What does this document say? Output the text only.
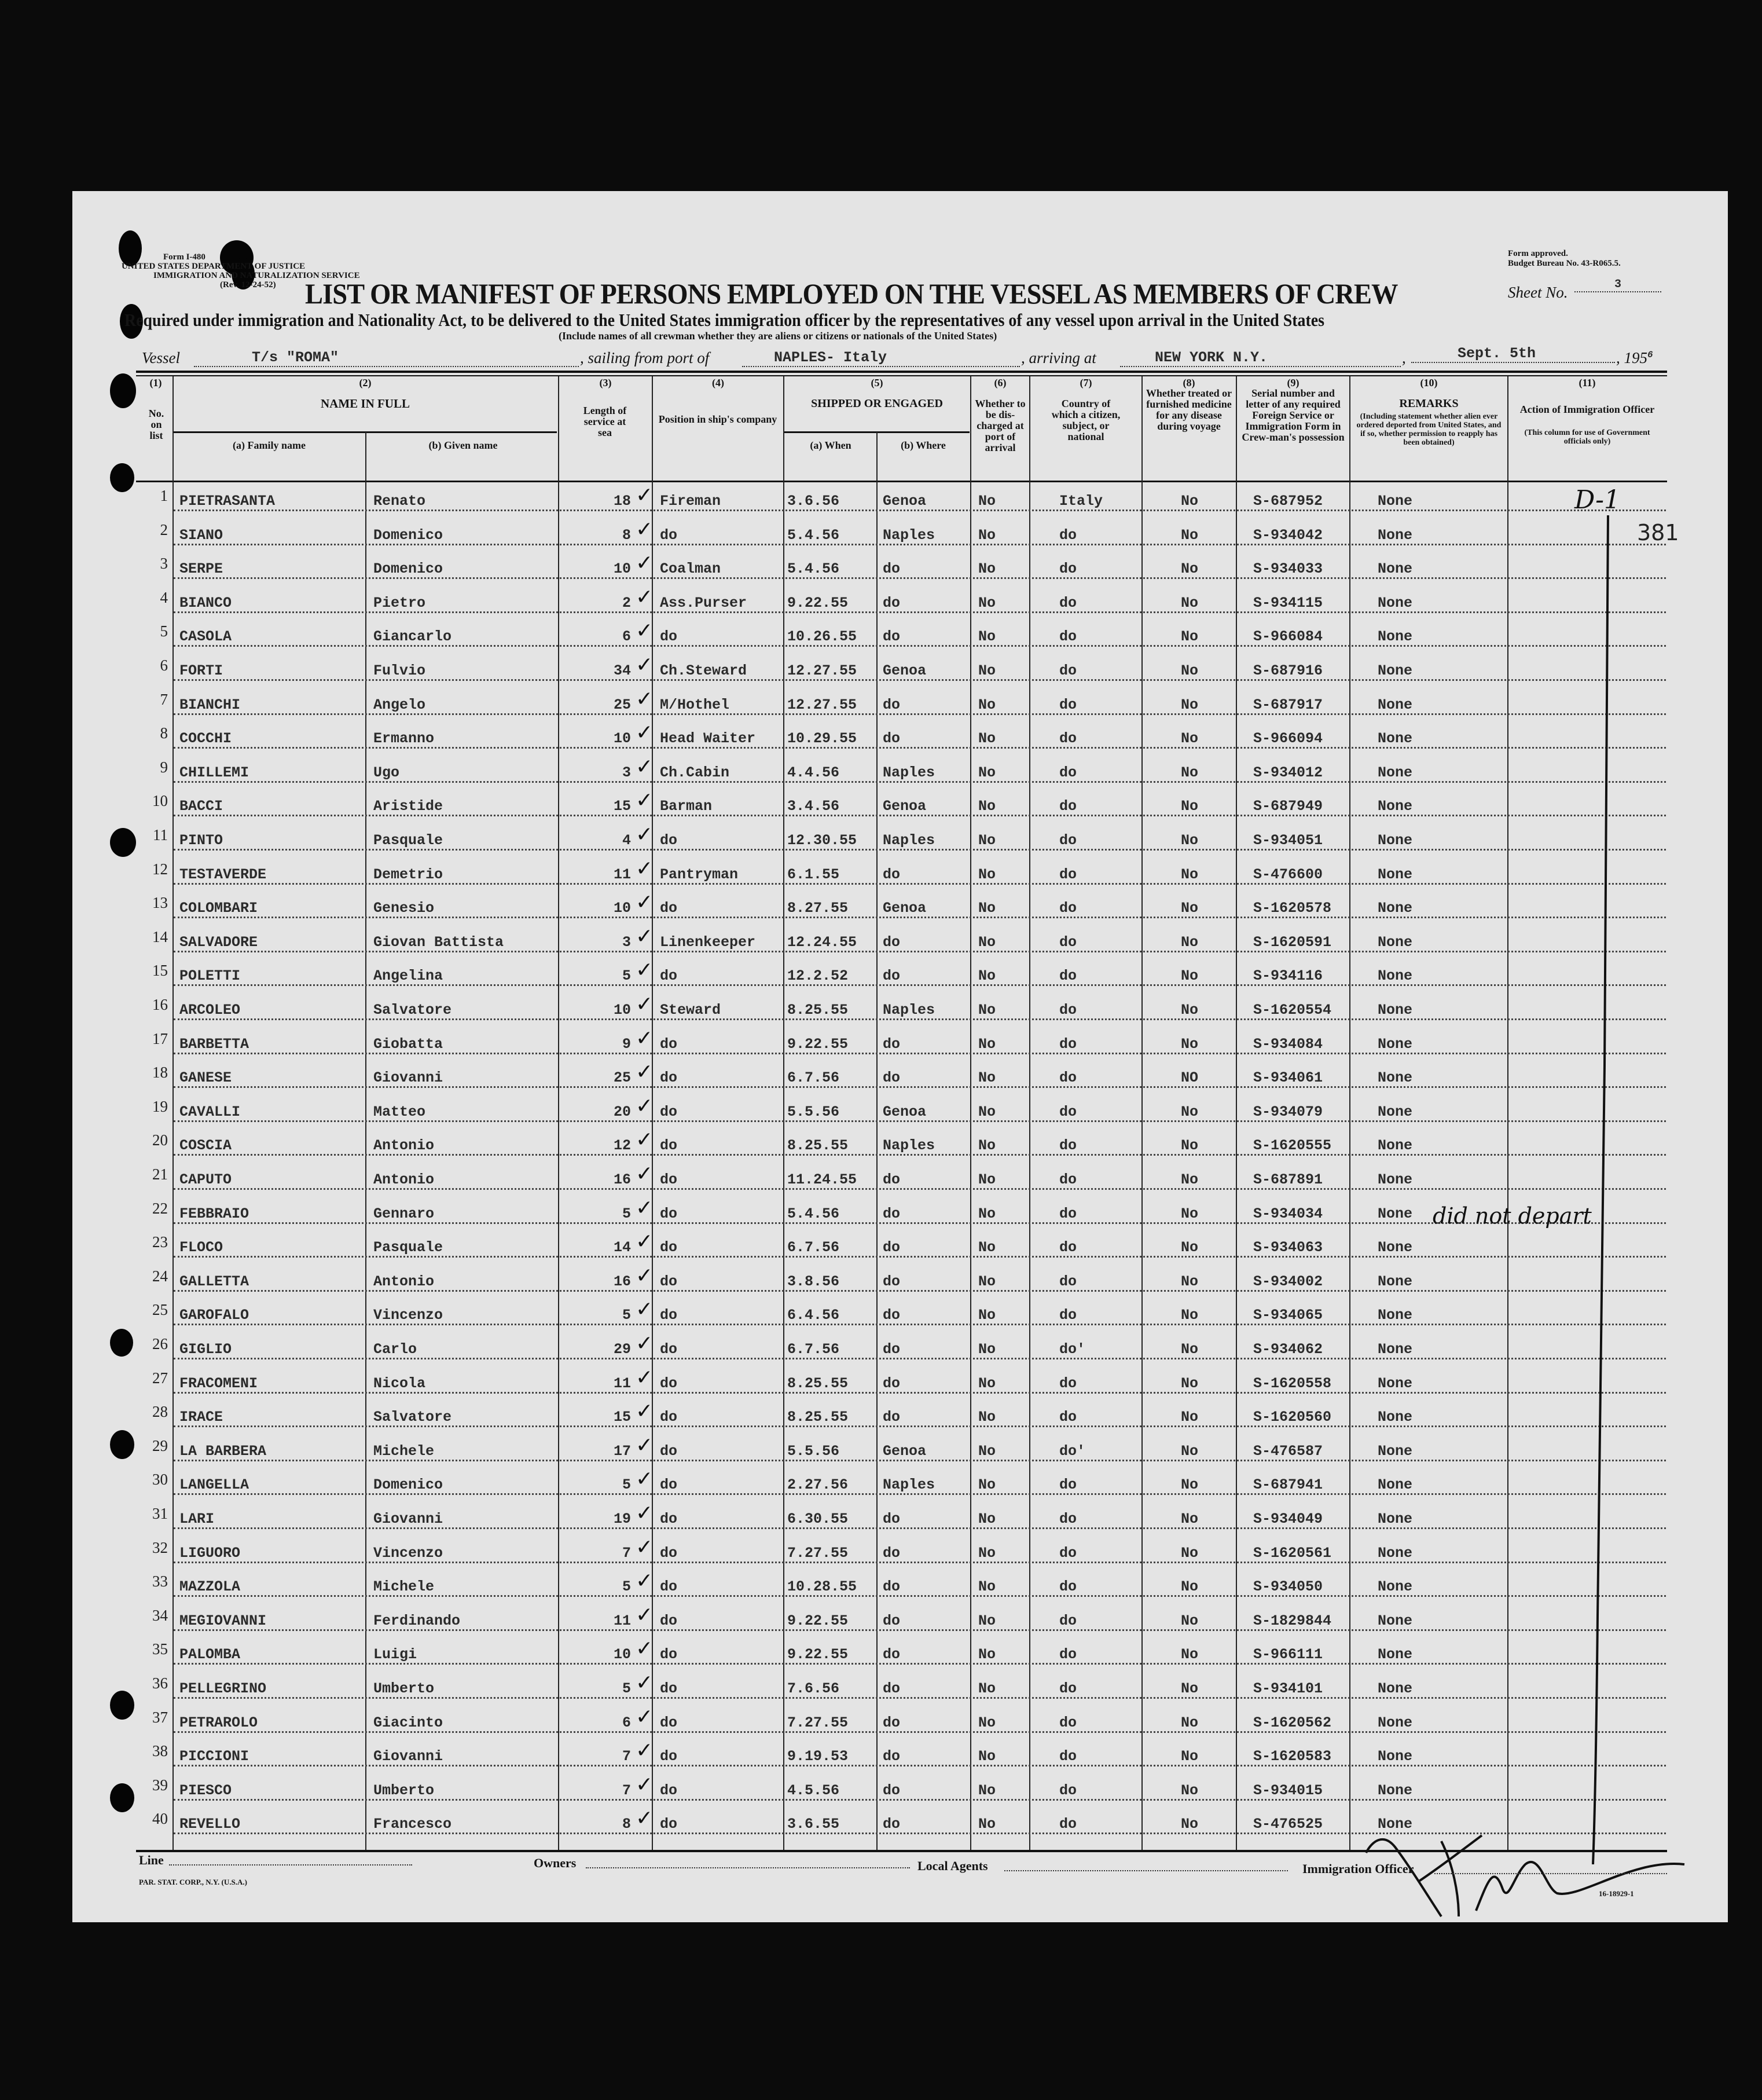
Form I-480
UNITED STATES DEPARTMENT OF JUSTICE
IMMIGRATION AND NATURALIZATION SERVICE
(Rev. 12-24-52)
Form approved.
Budget Bureau No. 43-R065.5.
LIST OR MANIFEST OF PERSONS EMPLOYED ON THE VESSEL AS MEMBERS OF CREW	Sheet No.	3
Required under immigration and Nationality Act, to be delivered to the United States immigration officer by the representatives of any vessel upon arrival in the United States
(Include names of all crewman whether they are aliens or citizens or nationals of the United States)
Vessel	T/s "ROMA"	, sailing from port of	NAPLES- Italy	, arriving at	NEW YORK N.Y.	,	Sept. 5th	, $195^6$
(1)
No. on list
(2)
NAME IN FULL
(a) Family name	(b) Given name
(3)
Length of service at sea
(4)
Position in ship's company
(5)
SHIPPED OR ENGAGED
(a) When	(b) Where
(6)
Whether to be dis-charged at port of arrival
(7)
Country of which a citizen, subject, or national
(8)
Whether treated or furnished medicine for any disease during voyage
(9)
Serial number and letter of any required Foreign Service or Immigration Form in Crew-man's possession
(10)
REMARKS
(Including statement whether alien ever ordered deported from United States, and if so, whether permission to reapply has been obtained)
(11)
Action of Immigration Officer
(This column for use of Government officials only)
1 PIETRASANTA	Renato	18 Fireman	3.6.56	Genoa	No	Italy	No	S-687952	None
✓
2 SIANO	Domenico	8 do	5.4.56	Naples	No	do	No	S-934042	None
✓
3 SERPE	Domenico	10 Coalman	5.4.56	do	No	do	No	S-934033	None
✓
4 BIANCO	Pietro	2 Ass.Purser	9.22.55 do	No	do	No	S-934115	None
✓
5 CASOLA	Giancarlo	6 do	10.26.55 do	No	do	No	S-966084	None
✓
6 FORTI	Fulvio	34 Ch.Steward	12.27.55 Genoa	No	do	No	S-687916	None
✓
7 BIANCHI	Angelo	25 M/Hothel	12.27.55 do	No	do	No	S-687917	None
✓
8 COCCHI	Ermanno	10 Head Waiter 10.29.55 do	No	do	No	S-966094	None
✓
9 CHILLEMI	Ugo	3 Ch.Cabin	4.4.56	Naples	No	do	No	S-934012	None
✓
10 BACCI	Aristide	15 Barman	3.4.56	Genoa	No	do	No	S-687949	None
✓
11 PINTO	Pasquale	4 do	12.30.55 Naples	No	do	No	S-934051	None
✓
12 TESTAVERDE	Demetrio	11 Pantryman	6.1.55	do	No	do	No	S-476600	None
✓
13 COLOMBARI	Genesio	10 do	8.27.55 Genoa	No	do	No	S-1620578	None
✓
14 SALVADORE	Giovan Battista	3 Linenkeeper 12.24.55 do	No	do	No	S-1620591	None
✓
15 POLETTI	Angelina	5 do	12.2.52 do	No	do	No	S-934116	None
✓
16 ARCOLEO	Salvatore	10 Steward	8.25.55 Naples	No	do	No	S-1620554	None
✓
17 BARBETTA	Giobatta	9 do	9.22.55 do	No	do	No	S-934084	None
✓
18 GANESE	Giovanni	25 do	6.7.56	do	No	do	NO	S-934061	None
✓
19 CAVALLI	Matteo	20 do	5.5.56	Genoa	No	do	No	S-934079	None
✓
20 COSCIA	Antonio	12 do	8.25.55 Naples	No	do	No	S-1620555	None
✓
21 CAPUTO	Antonio	16 do	11.24.55 do	No	do	No	S-687891	None
✓
22 FEBBRAIO	Gennaro	5 do	5.4.56	do	No	do	No	S-934034	None
✓
23 FLOCO	Pasquale	14 do	6.7.56	do	No	do	No	S-934063	None
✓
24 GALLETTA	Antonio	16 do	3.8.56	do	No	do	No	S-934002	None
✓
25 GAROFALO	Vincenzo	5 do	6.4.56	do	No	do	No	S-934065	None
✓
26 GIGLIO	Carlo	29 do	6.7.56	do	No	do'	No	S-934062	None
✓
27 FRACOMENI	Nicola	11 do	8.25.55 do	No	do	No	S-1620558	None
✓
28 IRACE	Salvatore	15 do	8.25.55 do	No	do	No	S-1620560	None
✓
29 LA BARBERA	Michele	17 do	5.5.56	Genoa	No	do'	No	S-476587	None
✓
30 LANGELLA	Domenico	5 do	2.27.56 Naples	No	do	No	S-687941	None
✓
31 LARI	Giovanni	19 do	6.30.55 do	No	do	No	S-934049	None
✓
32 LIGUORO	Vincenzo	7 do	7.27.55 do	No	do	No	S-1620561	None
✓
33 MAZZOLA	Michele	5 do	10.28.55 do	No	do	No	S-934050	None
✓
34 MEGIOVANNI	Ferdinando	11 do	9.22.55 do	No	do	No	S-1829844	None
✓
35 PALOMBA	Luigi	10 do	9.22.55 do	No	do	No	S-966111	None
✓
36 PELLEGRINO	Umberto	5 do	7.6.56	do	No	do	No	S-934101	None
✓
37 PETRAROLO	Giacinto	6 do	7.27.55 do	No	do	No	S-1620562	None
✓
38 PICCIONI	Giovanni	7 do	9.19.53 do	No	do	No	S-1620583	None
✓
39 PIESCO	Umberto	7 do	4.5.56	do	No	do	No	S-934015	None
✓
40 REVELLO	Francesco	8 do	3.6.55	do	No	do	No	S-476525	None
✓
D-1
381
did not depart
Line	Owners	Local Agents	Immigration Officer
PAR. STAT. CORP., N.Y. (U.S.A.)
16-18929-1
